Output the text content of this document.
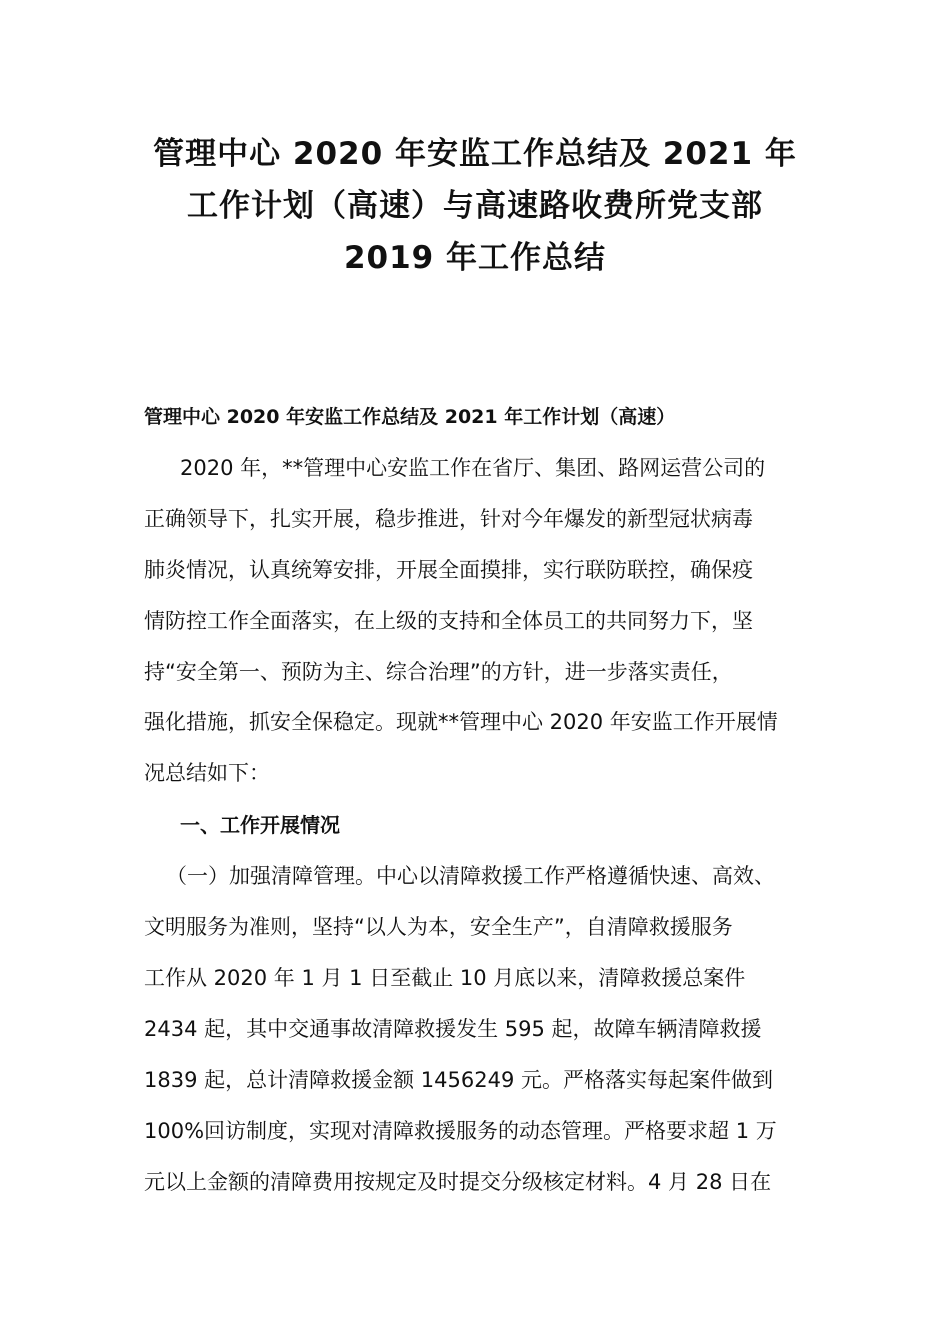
管理中心 2020 年安监工作总结及 2021 年
工作计划（高速）与高速路收费所党支部
2019 年工作总结
管理中心 2020 年安监工作总结及 2021 年工作计划（高速）

2020 年，**管理中心安监工作在省厅、集团、路网运营公司的
正确领导下，扎实开展，稳步推进，针对今年爆发的新型冠状病毒
肺炎情况，认真统筹安排，开展全面摸排，实行联防联控，确保疫
情防控工作全面落实，在上级的支持和全体员工的共同努力下，坚
持“安全第一、预防为主、综合治理”的方针，进一步落实责任，
强化措施，抓安全保稳定。现就**管理中心 2020 年安监工作开展情
况总结如下：

一、工作开展情况

（一）加强清障管理。中心以清障救援工作严格遵循快速、高效、
文明服务为准则，坚持“以人为本，安全生产”，自清障救援服务
工作从 2020 年 1 月 1 日至截止 10 月底以来，清障救援总案件
2434 起，其中交通事故清障救援发生 595 起，故障车辆清障救援
1839 起，总计清障救援金额 1456249 元。严格落实每起案件做到
100%回访制度，实现对清障救援服务的动态管理。严格要求超 1 万
元以上金额的清障费用按规定及时提交分级核定材料。4 月 28 日在
